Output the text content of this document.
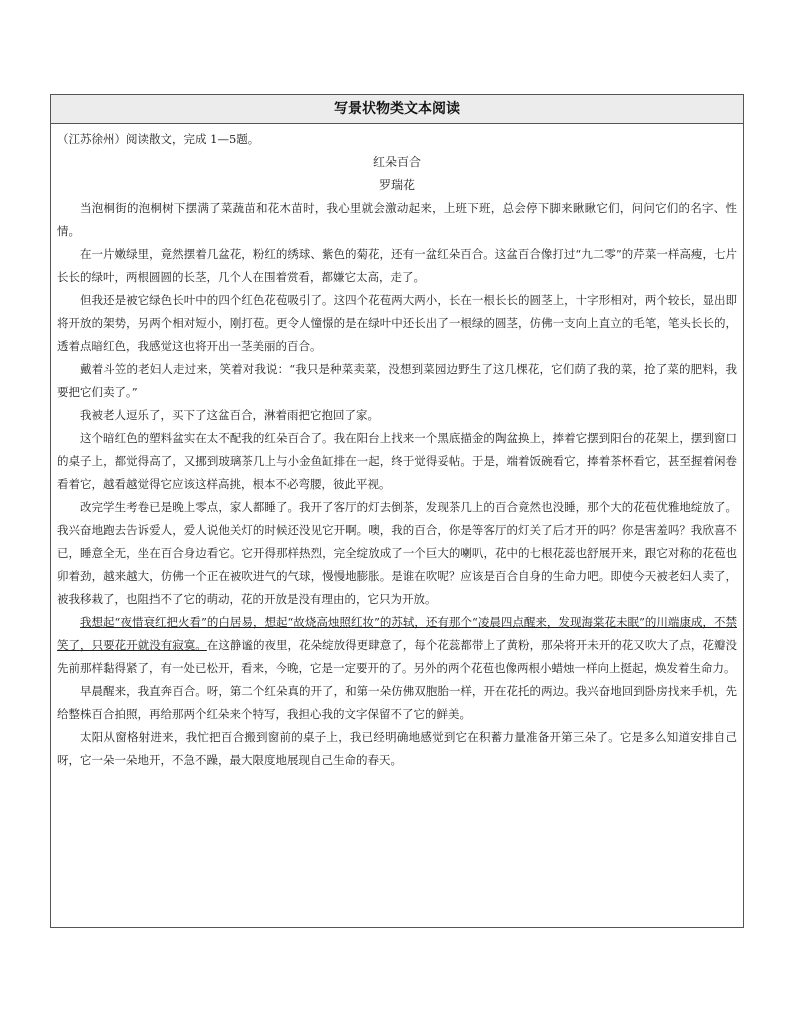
写景状物类文本阅读

（江苏徐州）阅读散文，完成 1—5题。

红朵百合

罗瑞花

当泡桐街的泡桐树下摆满了菜蔬苗和花木苗时，我心里就会激动起来，上班下班，总会停下脚来瞅瞅它们，问问它们的名字、性情。

在一片嫩绿里，竟然摆着几盆花，粉红的绣球、紫色的菊花，还有一盆红朵百合。这盆百合像打过“九二零”的芹菜一样高瘦，七片长长的绿叶，两根圆圆的长茎，几个人在围着赏看，都嫌它太高，走了。

但我还是被它绿色长叶中的四个红色花苞吸引了。这四个花苞两大两小，长在一根长长的圆茎上，十字形相对，两个较长，显出即将开放的架势，另两个相对短小，刚打苞。更令人憧憬的是在绿叶中还长出了一根绿的圆茎，仿佛一支向上直立的毛笔，笔头长长的，透着点暗红色，我感觉这也将开出一茎美丽的百合。

戴着斗笠的老妇人走过来，笑着对我说：“我只是种菜卖菜，没想到菜园边野生了这几棵花，它们荫了我的菜，抢了菜的肥料，我要把它们卖了。”

我被老人逗乐了，买下了这盆百合，淋着雨把它抱回了家。

这个暗红色的塑料盆实在太不配我的红朵百合了。我在阳台上找来一个黑底描金的陶盆换上，捧着它摆到阳台的花架上，摆到窗口的桌子上，都觉得高了，又挪到玻璃茶几上与小金鱼缸排在一起，终于觉得妥帖。于是，端着饭碗看它，捧着茶杯看它，甚至握着闲卷看着它，越看越觉得它应该这样高挑，根本不必弯腰，彼此平视。

改完学生考卷已是晚上零点，家人都睡了。我开了客厅的灯去倒茶，发现茶几上的百合竟然也没睡，那个大的花苞优雅地绽放了。我兴奋地跑去告诉爱人，爱人说他关灯的时候还没见它开啊。噢，我的百合，你是等客厅的灯关了后才开的吗？你是害羞吗？我欣喜不已，睡意全无，坐在百合身边看它。它开得那样热烈，完全绽放成了一个巨大的喇叭，花中的七根花蕊也舒展开来，跟它对称的花苞也卯着劲，越来越大，仿佛一个正在被吹进气的气球，慢慢地膨胀。是谁在吹呢？应该是百合自身的生命力吧。即使今天被老妇人卖了，被我移栽了，也阻挡不了它的萌动，花的开放是没有理由的，它只为开放。

我想起“夜惜衰红把火看”的白居易，想起“故烧高烛照红妆”的苏轼，还有那个“凌晨四点醒来，发现海棠花未眠”的川端康成，不禁笑了，只要花开就没有寂寞。在这静谧的夜里，花朵绽放得更肆意了，每个花蕊都带上了黄粉，那朵将开未开的花又吹大了点，花瓣没先前那样黏得紧了，有一处已松开，看来，今晚，它是一定要开的了。另外的两个花苞也像两根小蜡烛一样向上挺起，焕发着生命力。

早晨醒来，我直奔百合。呀，第二个红朵真的开了，和第一朵仿佛双胞胎一样，开在花托的两边。我兴奋地回到卧房找来手机，先给整株百合拍照，再给那两个红朵来个特写，我担心我的文字保留不了它的鲜美。

太阳从窗格射进来，我忙把百合搬到窗前的桌子上，我已经明确地感觉到它在积蓄力量准备开第三朵了。它是多么知道安排自己呀，它一朵一朵地开，不急不躁，最大限度地展现自己生命的春天。
